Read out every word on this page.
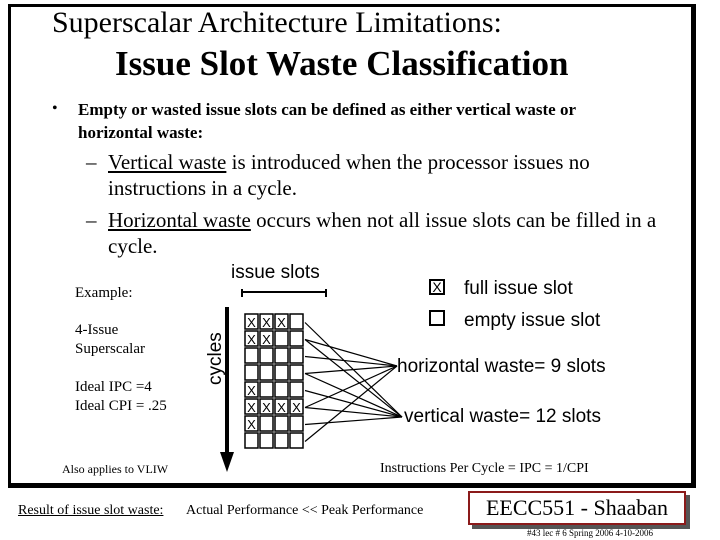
Superscalar Architecture Limitations:
Issue Slot Waste Classification
• Empty or wasted issue slots can be defined as either vertical waste or horizontal waste:
– Vertical waste is introduced when the processor issues no instructions in a cycle.
– Horizontal waste occurs when not all issue slots can be filled in a cycle.
Example:
4-Issue
Superscalar
Ideal IPC =4
Ideal CPI = .25
Also applies to VLIW
issue slots
cycles
X X X
X X
X
X X X X
X
X full issue slot
empty issue slot
horizontal waste= 9 slots
vertical waste= 12 slots
Instructions Per Cycle = IPC = 1/CPI
Result of issue slot waste: Actual Performance << Peak Performance	EECC551 - Shaaban
#43 lec # 6 Spring 2006 4-10-2006
